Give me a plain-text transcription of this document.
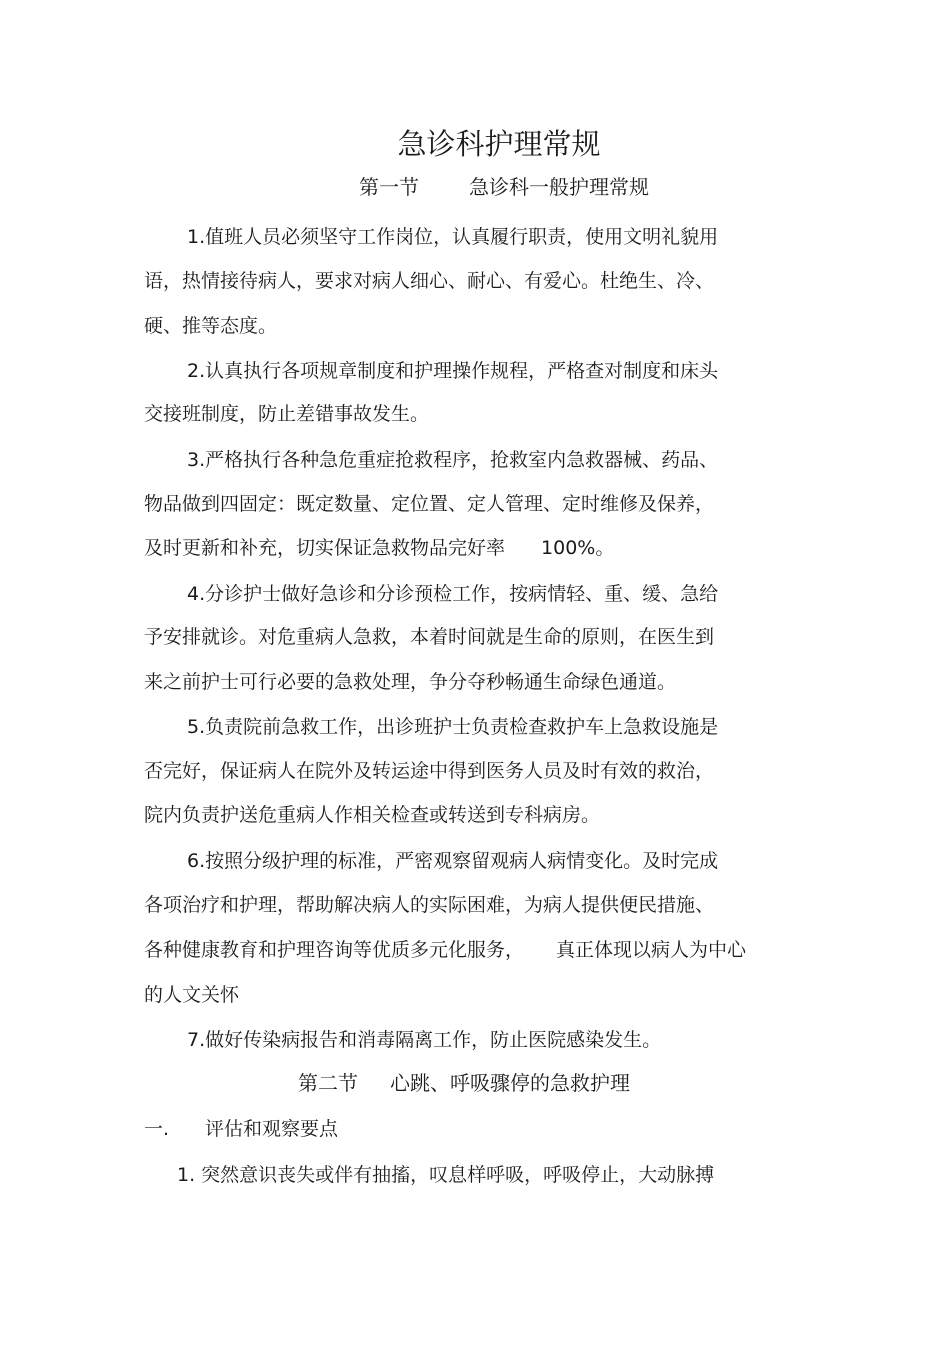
急诊科护理常规
第一节	急诊科一般护理常规
1.值班人员必须坚守工作岗位，认真履行职责，使用文明礼貌用
语，热情接待病人，要求对病人细心、耐心、有爱心。杜绝生、冷、
硬、推等态度。
2.认真执行各项规章制度和护理操作规程，严格查对制度和床头
交接班制度，防止差错事故发生。
3.严格执行各种急危重症抢救程序，抢救室内急救器械、药品、
物品做到四固定：既定数量、定位置、定人管理、定时维修及保养，
及时更新和补充，切实保证急救物品完好率 100%。
4.分诊护士做好急诊和分诊预检工作，按病情轻、重、缓、急给
予安排就诊。对危重病人急救，本着时间就是生命的原则，在医生到
来之前护士可行必要的急救处理，争分夺秒畅通生命绿色通道。
5.负责院前急救工作，出诊班护士负责检查救护车上急救设施是
否完好，保证病人在院外及转运途中得到医务人员及时有效的救治，
院内负责护送危重病人作相关检查或转送到专科病房。
6.按照分级护理的标准，严密观察留观病人病情变化。及时完成
各项治疗和护理，帮助解决病人的实际困难，为病人提供便民措施、
各种健康教育和护理咨询等优质多元化服务， 真正体现以病人为中心
的人文关怀
7.做好传染病报告和消毒隔离工作，防止医院感染发生。
第二节 心跳、呼吸骤停的急救护理
一. 评估和观察要点
1. 突然意识丧失或伴有抽搐，叹息样呼吸，呼吸停止，大动脉搏
